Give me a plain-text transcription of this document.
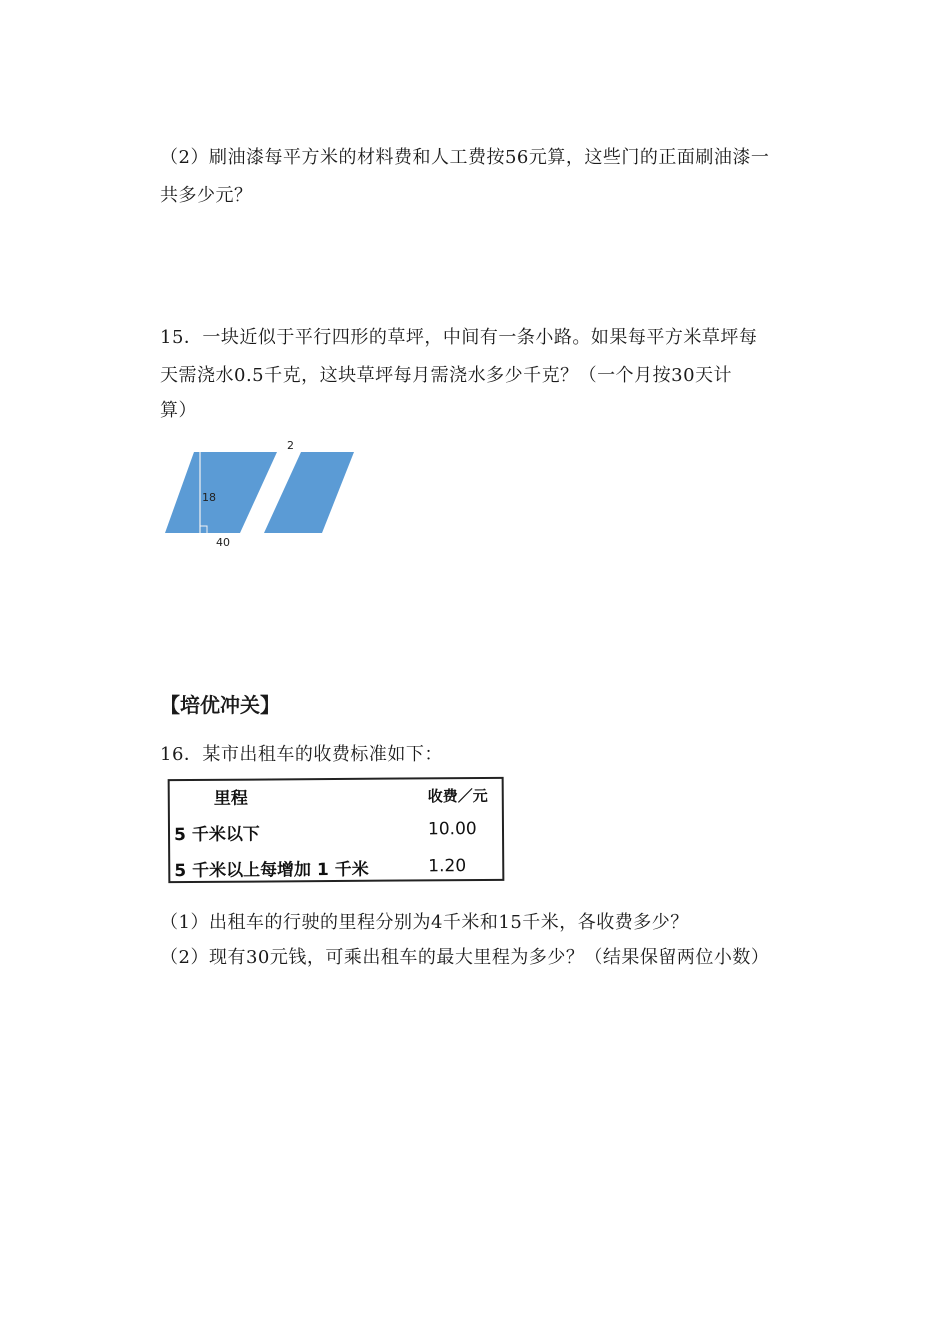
（2）刷油漆每平方米的材料费和人工费按56元算，这些门的正面刷油漆一
共多少元？
15．一块近似于平行四形的草坪，中间有一条小路。如果每平方米草坪每
天需浇水0.5千克，这块草坪每月需浇水多少千克？（一个月按30天计
算）
2
18
40
【培优冲关】
16．某市出租车的收费标准如下：
里程	收费／元
5 千米以下	10.00
5 千米以上每增加 1 千米	1.20
（1）出租车的行驶的里程分别为4千米和15千米，各收费多少？
（2）现有30元钱，可乘出租车的最大里程为多少？（结果保留两位小数）
